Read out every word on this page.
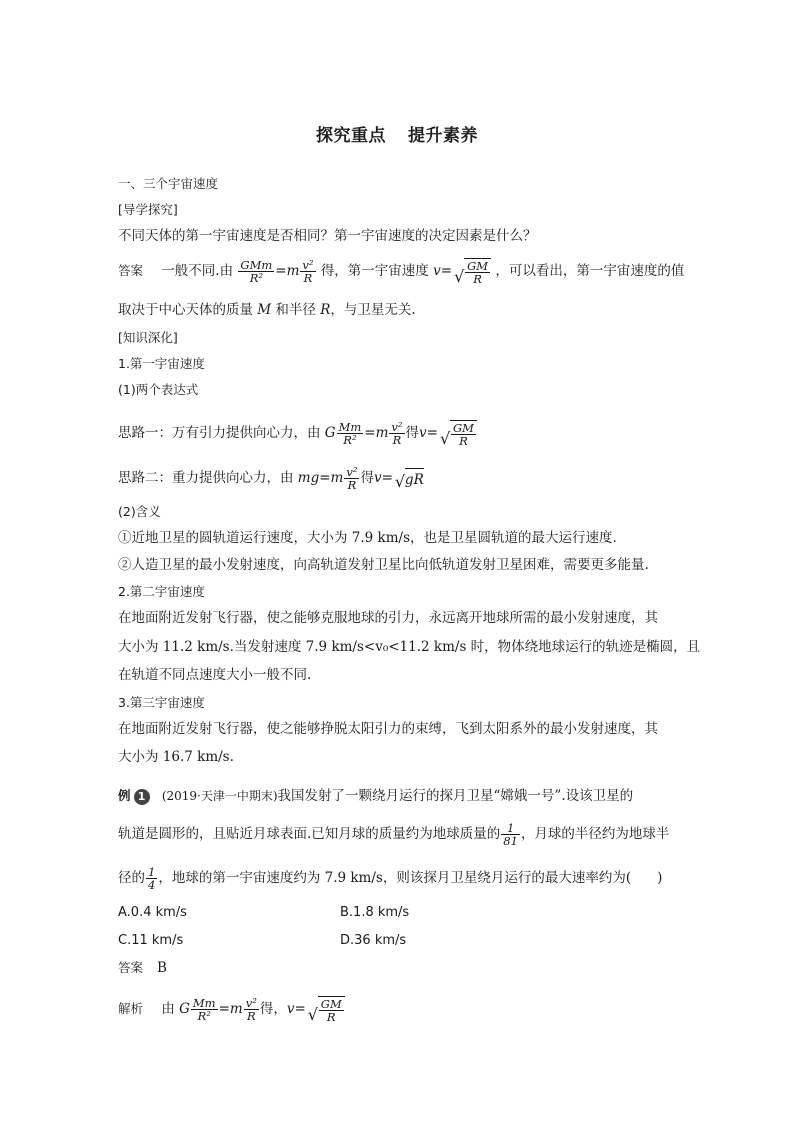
探究重点 提升素养
一、三个宇宙速度
[导学探究]
不同天体的第一宇宙速度是否相同？第一宇宙速度的决定因素是什么？
答案 一般不同.由 $\frac{\text{GMm}}{\text{R²}} =m \frac{\text{v²}}{R}$ 得，第一宇宙速度 v= √ $\frac{GM}{R}$ ，可以看出，第一宇宙速度的值
取决于中心天体的质量 M 和半径 R，与卫星无关.
[知识深化]
1.第一宇宙速度
(1)两个表达式
思路一：万有引力提供向心力，由 G $\frac{Mm}{\text{R²}} =m \frac{\text{v²}}{R}$ 得v= √ $\frac{GM}{R}$
思路二：重力提供向心力，由 $mg=m \frac{\text{v²}}{R}$ 得v= √ gR
(2)含义
①近地卫星的圆轨道运行速度，大小为 7.9 km/s，也是卫星圆轨道的最大运行速度.
②人造卫星的最小发射速度，向高轨道发射卫星比向低轨道发射卫星困难，需要更多能量.
2.第二宇宙速度
在地面附近发射飞行器，使之能够克服地球的引力，永远离开地球所需的最小发射速度，其
大小为 11.2 km/s.当发射速度 7.9 km/s<v₀<11.2 km/s 时，物体绕地球运行的轨迹是椭圆，且
在轨道不同点速度大小一般不同.
3.第三宇宙速度
在地面附近发射飞行器，使之能够挣脱太阳引力的束缚，飞到太阳系外的最小发射速度，其
大小为 16.7 km/s.
例 1 (2019·天津一中期末)我国发射了一颗绕月运行的探月卫星“嫦娥一号”.设该卫星的
轨道是圆形的，且贴近月球表面.已知月球的质量约为地球质量的 $\frac{1}{81}$ ，月球的半径约为地球半
径的 $\frac{1}{4}$ ，地球的第一宇宙速度约为 7.9 km/s，则该探月卫星绕月运行的最大速率约为( )
A.0.4 km/s	B.1.8 km/s
C.11 km/s	D.36 km/s
答案 B
解析 由 G $\frac{Mm}{\text{R²}} =m \frac{\text{v²}}{R}$ 得，v= √ $\frac{GM}{R}$
